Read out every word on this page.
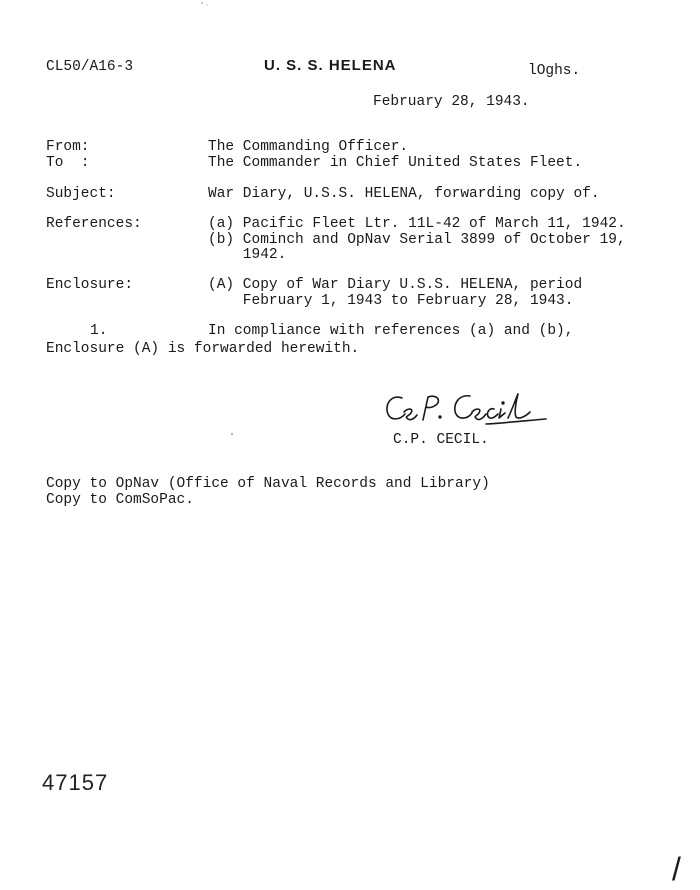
CL50/A16-3	U. S. S. HELENA	lOghs.
February 28, 1943.
From:	The Commanding Officer.
To  :	The Commander in Chief United States Fleet.
Subject:	War Diary, U.S.S. HELENA, forwarding copy of.
References:	(a) Pacific Fleet Ltr. 11L-42 of March 11, 1942.
(b) Cominch and OpNav Serial 3899 of October 19,
1942.
Enclosure:	(A) Copy of War Diary U.S.S. HELENA, period
February 1, 1943 to February 28, 1943.
1.	In compliance with references (a) and (b),
Enclosure (A) is forwarded herewith.
C.P. CECIL.
Copy to OpNav (Office of Naval Records and Library)
Copy to ComSoPac.
47157
/
